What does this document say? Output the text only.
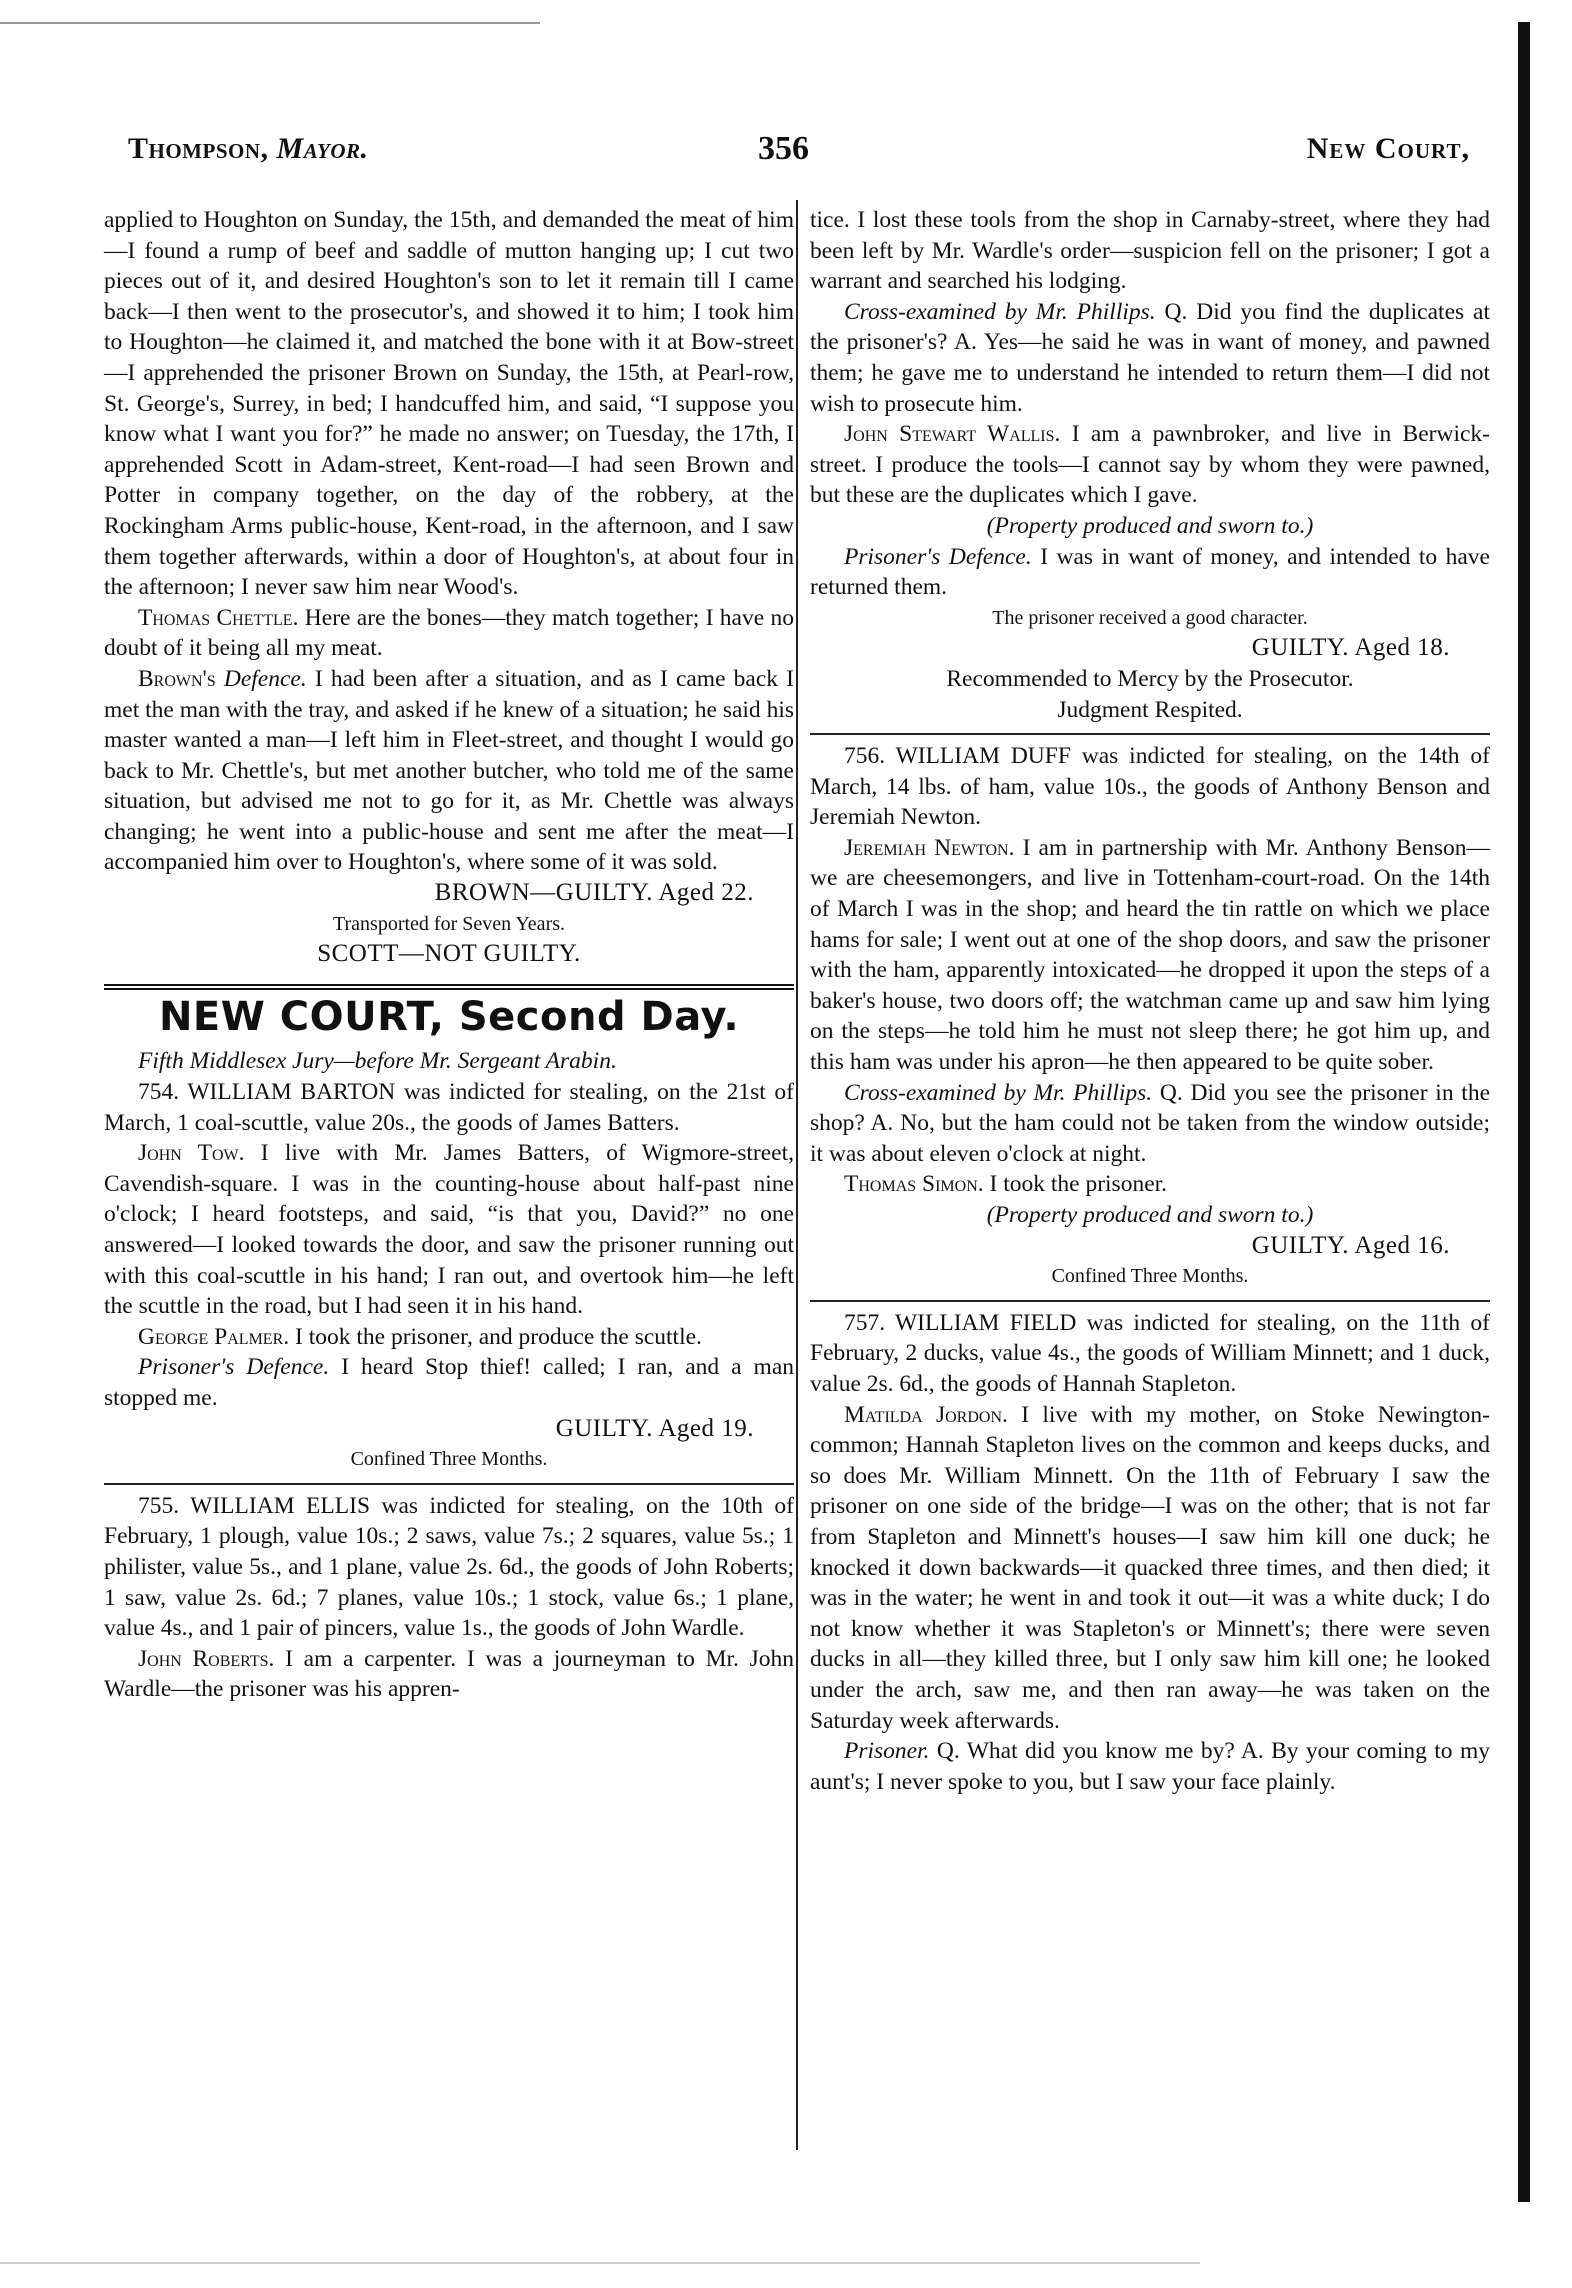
Thompson, Mayor.	356	New Court,

applied to Houghton on Sunday, the 15th, and demanded the meat of him—I found a rump of beef and saddle of mutton hanging up; I cut two pieces out of it, and desired Houghton's son to let it remain till I came back—I then went to the prosecutor's, and showed it to him; I took him to Houghton—he claimed it, and matched the bone with it at Bow-street—I apprehended the prisoner Brown on Sunday, the 15th, at Pearl-row, St. George's, Surrey, in bed; I handcuffed him, and said, “I suppose you know what I want you for?” he made no answer; on Tuesday, the 17th, I apprehended Scott in Adam-street, Kent-road—I had seen Brown and Potter in company together, on the day of the robbery, at the Rockingham Arms public-house, Kent-road, in the afternoon, and I saw them together afterwards, within a door of Houghton's, at about four in the afternoon; I never saw him near Wood's.

Thomas Chettle. Here are the bones—they match together; I have no doubt of it being all my meat.

Brown's Defence. I had been after a situation, and as I came back I met the man with the tray, and asked if he knew of a situation; he said his master wanted a man—I left him in Fleet-street, and thought I would go back to Mr. Chettle's, but met another butcher, who told me of the same situation, but advised me not to go for it, as Mr. Chettle was always changing; he went into a public-house and sent me after the meat—I accompanied him over to Houghton's, where some of it was sold.

BROWN—GUILTY. Aged 22.
Transported for Seven Years.
SCOTT—NOT GUILTY.
NEW COURT, Second Day.

Fifth Middlesex Jury—before Mr. Sergeant Arabin.

754. WILLIAM BARTON was indicted for stealing, on the 21st of March, 1 coal-scuttle, value 20s., the goods of James Batters.

John Tow. I live with Mr. James Batters, of Wigmore-street, Cavendish-square. I was in the counting-house about half-past nine o'clock; I heard footsteps, and said, “is that you, David?” no one answered—I looked towards the door, and saw the prisoner running out with this coal-scuttle in his hand; I ran out, and overtook him—he left the scuttle in the road, but I had seen it in his hand.

George Palmer. I took the prisoner, and produce the scuttle.

Prisoner's Defence. I heard Stop thief! called; I ran, and a man stopped me.

GUILTY. Aged 19.
Confined Three Months.

755. WILLIAM ELLIS was indicted for stealing, on the 10th of February, 1 plough, value 10s.; 2 saws, value 7s.; 2 squares, value 5s.; 1 philister, value 5s., and 1 plane, value 2s. 6d., the goods of John Roberts; 1 saw, value 2s. 6d.; 7 planes, value 10s.; 1 stock, value 6s.; 1 plane, value 4s., and 1 pair of pincers, value 1s., the goods of John Wardle.

John Roberts. I am a carpenter. I was a journeyman to Mr. John Wardle—the prisoner was his appren-

tice. I lost these tools from the shop in Carnaby-street, where they had been left by Mr. Wardle's order—suspicion fell on the prisoner; I got a warrant and searched his lodging.

Cross-examined by Mr. Phillips. Q. Did you find the duplicates at the prisoner's? A. Yes—he said he was in want of money, and pawned them; he gave me to understand he intended to return them—I did not wish to prosecute him.

John Stewart Wallis. I am a pawnbroker, and live in Berwick-street. I produce the tools—I cannot say by whom they were pawned, but these are the duplicates which I gave.

(Property produced and sworn to.)

Prisoner's Defence. I was in want of money, and intended to have returned them.

The prisoner received a good character.
GUILTY. Aged 18.
Recommended to Mercy by the Prosecutor.
Judgment Respited.

756. WILLIAM DUFF was indicted for stealing, on the 14th of March, 14 lbs. of ham, value 10s., the goods of Anthony Benson and Jeremiah Newton.

Jeremiah Newton. I am in partnership with Mr. Anthony Benson—we are cheesemongers, and live in Tottenham-court-road. On the 14th of March I was in the shop; and heard the tin rattle on which we place hams for sale; I went out at one of the shop doors, and saw the prisoner with the ham, apparently intoxicated—he dropped it upon the steps of a baker's house, two doors off; the watchman came up and saw him lying on the steps—he told him he must not sleep there; he got him up, and this ham was under his apron—he then appeared to be quite sober.

Cross-examined by Mr. Phillips. Q. Did you see the prisoner in the shop? A. No, but the ham could not be taken from the window outside; it was about eleven o'clock at night.

Thomas Simon. I took the prisoner.

(Property produced and sworn to.)
GUILTY. Aged 16.
Confined Three Months.

757. WILLIAM FIELD was indicted for stealing, on the 11th of February, 2 ducks, value 4s., the goods of William Minnett; and 1 duck, value 2s. 6d., the goods of Hannah Stapleton.

Matilda Jordon. I live with my mother, on Stoke Newington-common; Hannah Stapleton lives on the common and keeps ducks, and so does Mr. William Minnett. On the 11th of February I saw the prisoner on one side of the bridge—I was on the other; that is not far from Stapleton and Minnett's houses—I saw him kill one duck; he knocked it down backwards—it quacked three times, and then died; it was in the water; he went in and took it out—it was a white duck; I do not know whether it was Stapleton's or Minnett's; there were seven ducks in all—they killed three, but I only saw him kill one; he looked under the arch, saw me, and then ran away—he was taken on the Saturday week afterwards.

Prisoner. Q. What did you know me by? A. By your coming to my aunt's; I never spoke to you, but I saw your face plainly.
